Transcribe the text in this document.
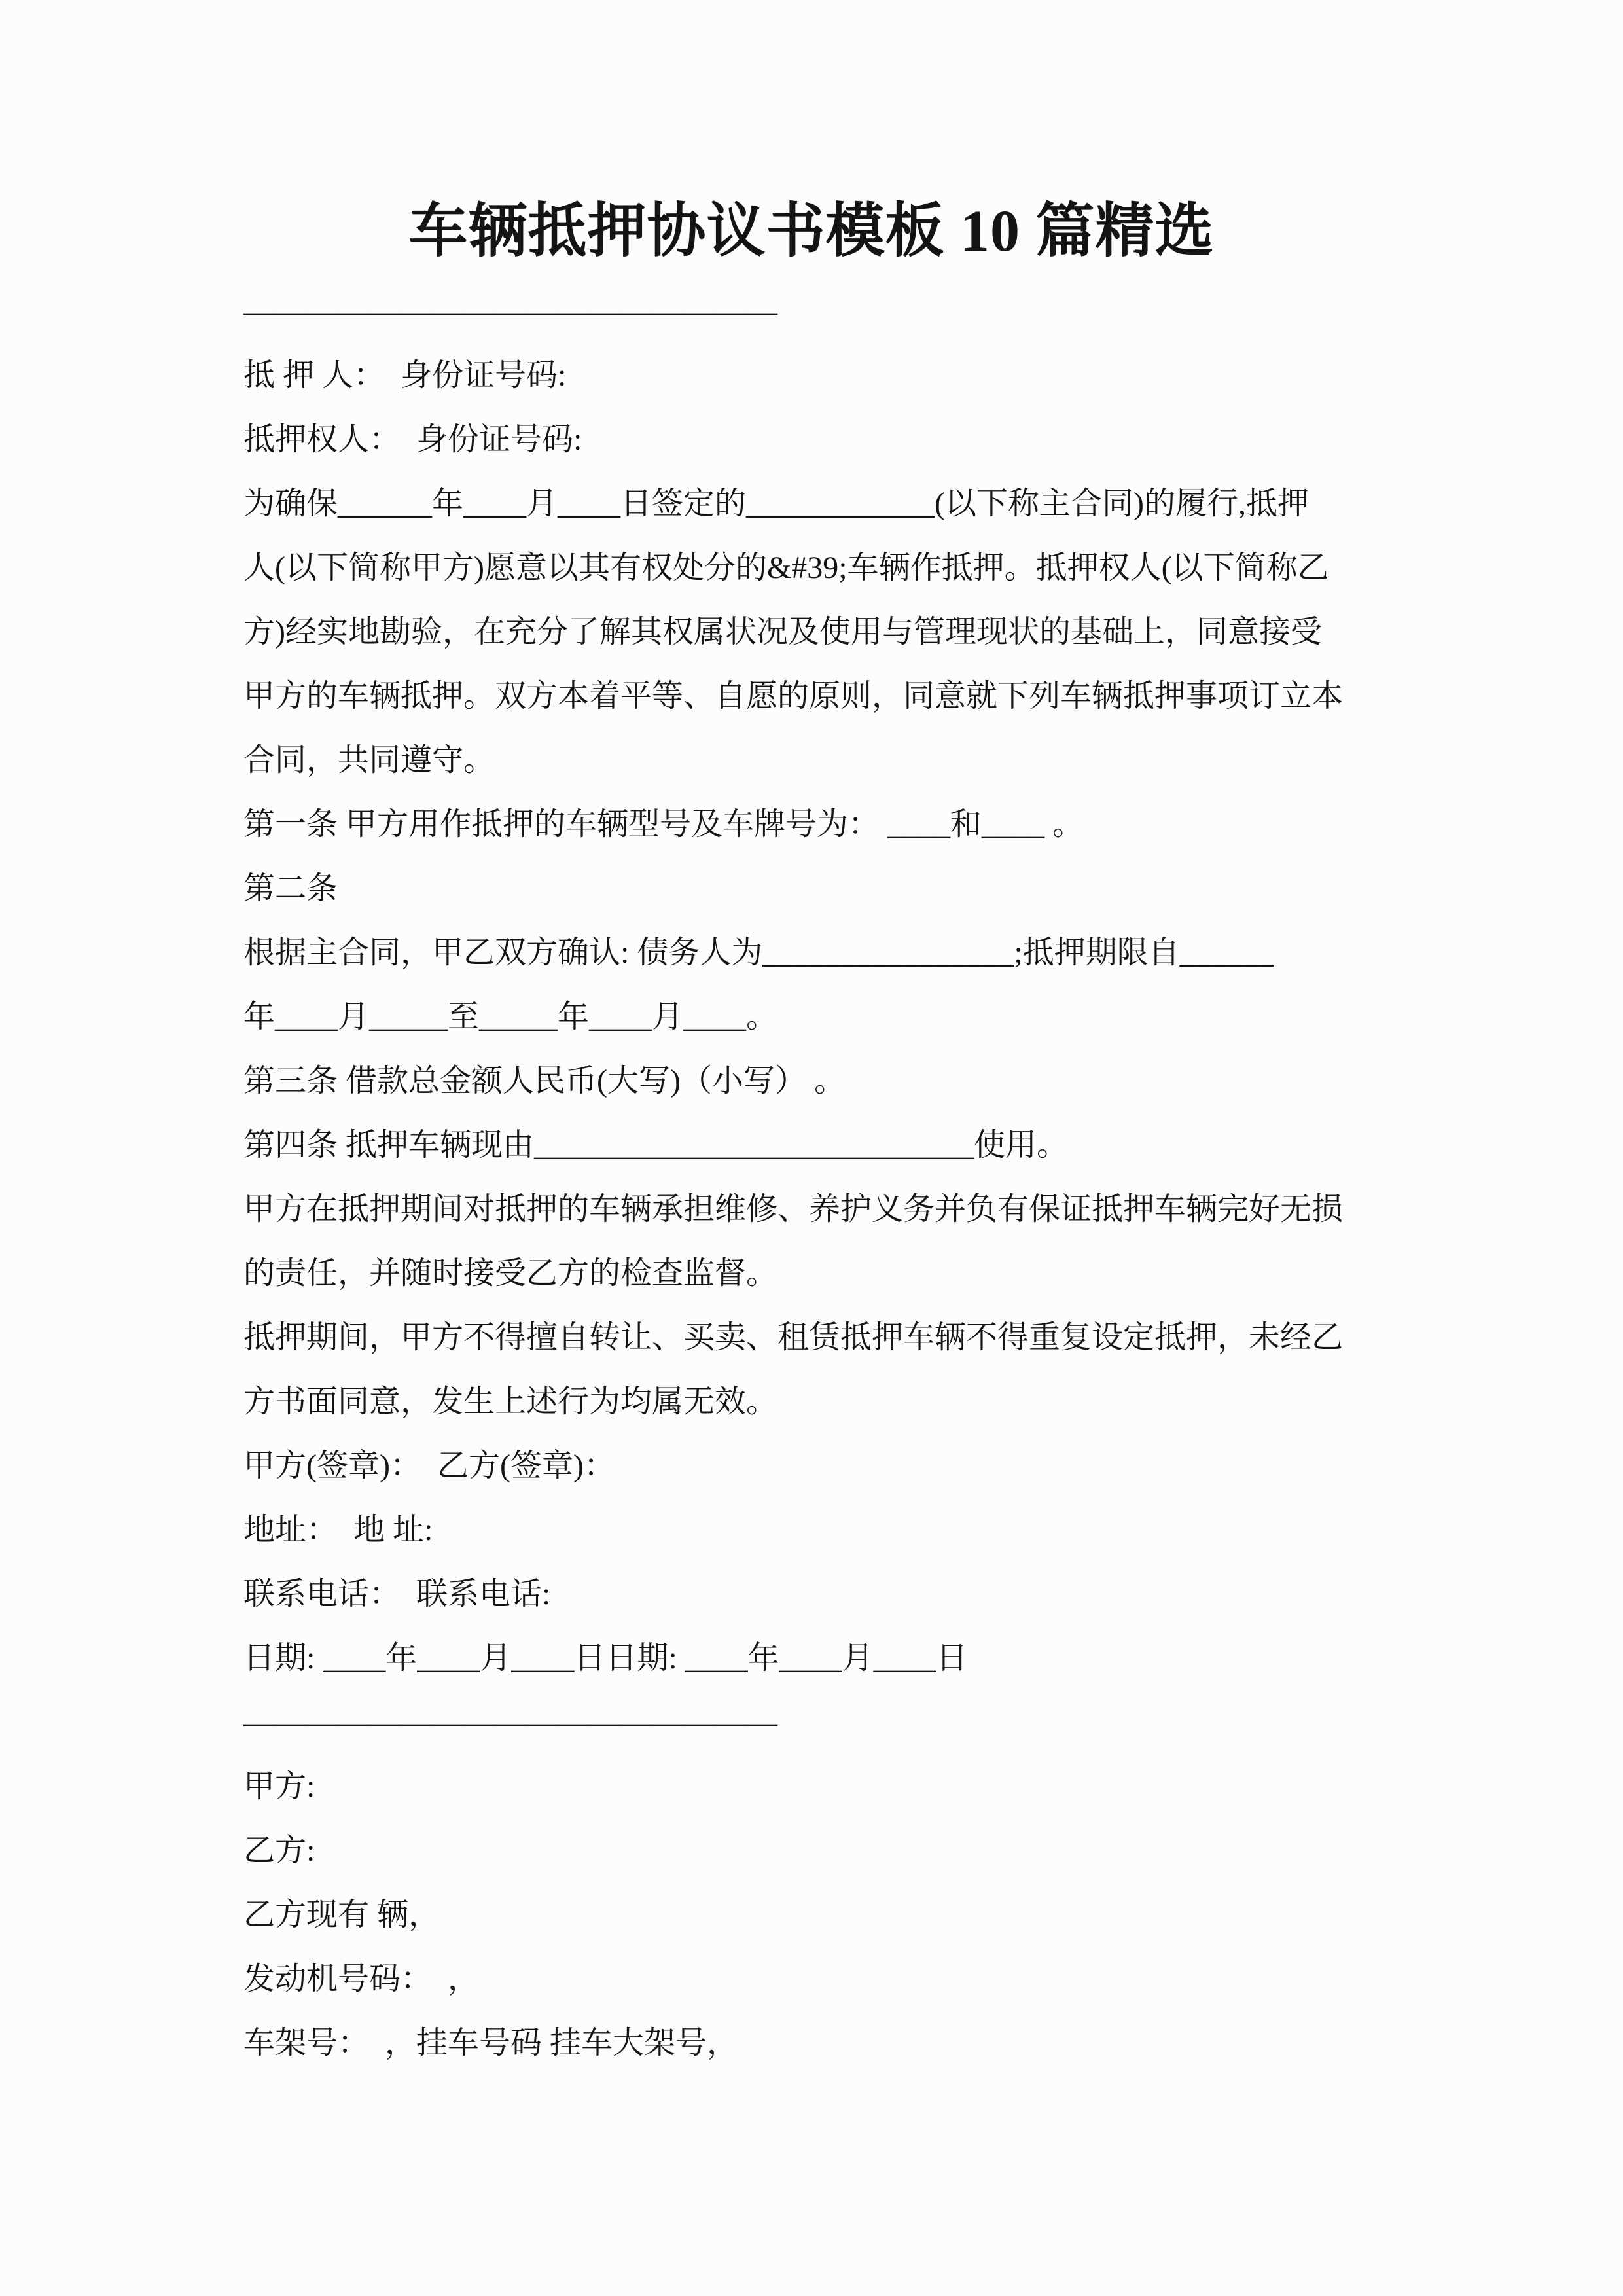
车辆抵押协议书模板 10 篇精选
—————————————————
抵 押 人：  身份证号码:
抵押权人：  身份证号码:
为确保______年____月____日签定的____________(以下称主合同)的履行,抵押
人(以下简称甲方)愿意以其有权处分的&#39;车辆作抵押。抵押权人(以下简称乙
方)经实地勘验，在充分了解其权属状况及使用与管理现状的基础上，同意接受
甲方的车辆抵押。双方本着平等、自愿的原则，同意就下列车辆抵押事项订立本
合同，共同遵守。
第一条 甲方用作抵押的车辆型号及车牌号为： ____和____ 。
第二条
根据主合同，甲乙双方确认: 债务人为________________;抵押期限自______
年____月_____至_____年____月____。
第三条 借款总金额人民币(大写)（小写） 。
第四条 抵押车辆现由____________________________使用。
甲方在抵押期间对抵押的车辆承担维修、养护义务并负有保证抵押车辆完好无损
的责任，并随时接受乙方的检查监督。
抵押期间，甲方不得擅自转让、买卖、租赁抵押车辆不得重复设定抵押，未经乙
方书面同意，发生上述行为均属无效。
甲方(签章)：  乙方(签章)：
地址：  地 址:
联系电话：  联系电话:
日期: ____年____月____日日期: ____年____月____日
—————————————————
甲方:
乙方:
乙方现有 辆，
发动机号码：  ，
车架号：  ，挂车号码 挂车大架号，
